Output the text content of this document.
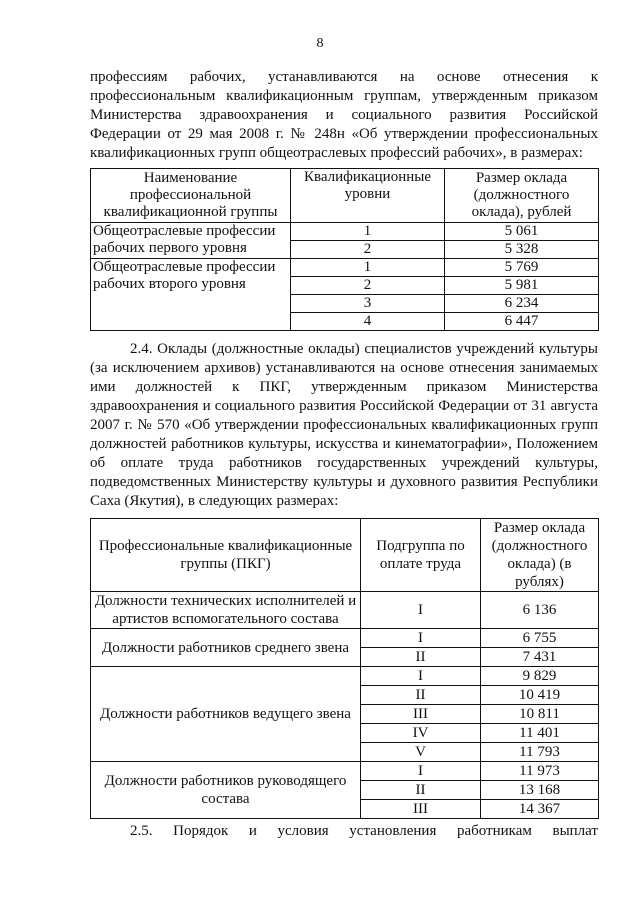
8
профессиям рабочих, устанавливаются на основе отнесения к профессиональным квалификационным группам, утвержденным приказом Министерства здравоохранения и социального развития Российской Федерации от 29 мая 2008 г. № 248н «Об утверждении профессиональных квалификационных групп общеотраслевых профессий рабочих», в размерах:
Наименование профессиональной квалификационной группы	Квалификационные уровни	Размер оклада (должностного оклада), рублей
Общеотраслевые профессии рабочих первого уровня	1	5 061
	2	5 328
Общеотраслевые профессии рабочих второго уровня	1	5 769
	2	5 981
	3	6 234
	4	6 447
2.4. Оклады (должностные оклады) специалистов учреждений культуры (за исключением архивов) устанавливаются на основе отнесения занимаемых ими должностей к ПКГ, утвержденным приказом Министерства здравоохранения и социального развития Российской Федерации от 31 августа 2007 г. № 570 «Об утверждении профессиональных квалификационных групп должностей работников культуры, искусства и кинематографии», Положением об оплате труда работников государственных учреждений культуры, подведомственных Министерству культуры и духовного развития Республики Саха (Якутия), в следующих размерах:
Профессиональные квалификационные группы (ПКГ)	Подгруппа по оплате труда	Размер оклада (должностного оклада) (в рублях)
Должности технических исполнителей и артистов вспомогательного состава	I	6 136
Должности работников среднего звена	I	6 755
	II	7 431
Должности работников ведущего звена	I	9 829
	II	10 419
	III	10 811
	IV	11 401
	V	11 793
Должности работников руководящего состава	I	11 973
	II	13 168
	III	14 367
2.5. Порядок и условия установления работникам выплат
